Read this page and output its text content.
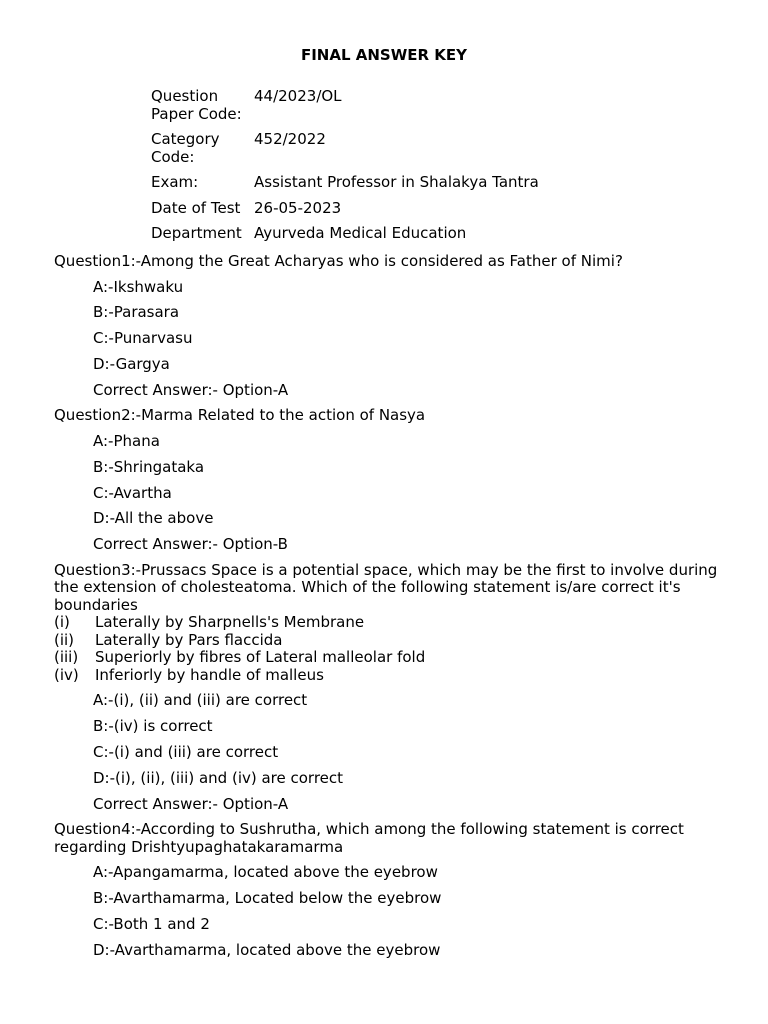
FINAL ANSWER KEY
Question Paper Code:
44/2023/OL
Category Code:
452/2022
Exam:	Assistant Professor in Shalakya Tantra
Date of Test 26-05-2023
Department Ayurveda Medical Education
Question1:-Among the Great Acharyas who is considered as Father of Nimi?
A:-Ikshwaku
B:-Parasara
C:-Punarvasu
D:-Gargya
Correct Answer:- Option-A
Question2:-Marma Related to the action of Nasya
A:-Phana
B:-Shringataka
C:-Avartha
D:-All the above
Correct Answer:- Option-B
Question3:-Prussacs Space is a potential space, which may be the first to involve during the extension of cholesteatoma. Which of the following statement is/are correct it's boundaries
(i)	Laterally by Sharpnells's Membrane
(ii)	Laterally by Pars flaccida
(iii)	Superiorly by fibres of Lateral malleolar fold
(iv)	Inferiorly by handle of malleus
A:-(i), (ii) and (iii) are correct
B:-(iv) is correct
C:-(i) and (iii) are correct
D:-(i), (ii), (iii) and (iv) are correct
Correct Answer:- Option-A
Question4:-According to Sushrutha, which among the following statement is correct regarding Drishtyupaghatakaramarma
A:-Apangamarma, located above the eyebrow
B:-Avarthamarma, Located below the eyebrow
C:-Both 1 and 2
D:-Avarthamarma, located above the eyebrow
